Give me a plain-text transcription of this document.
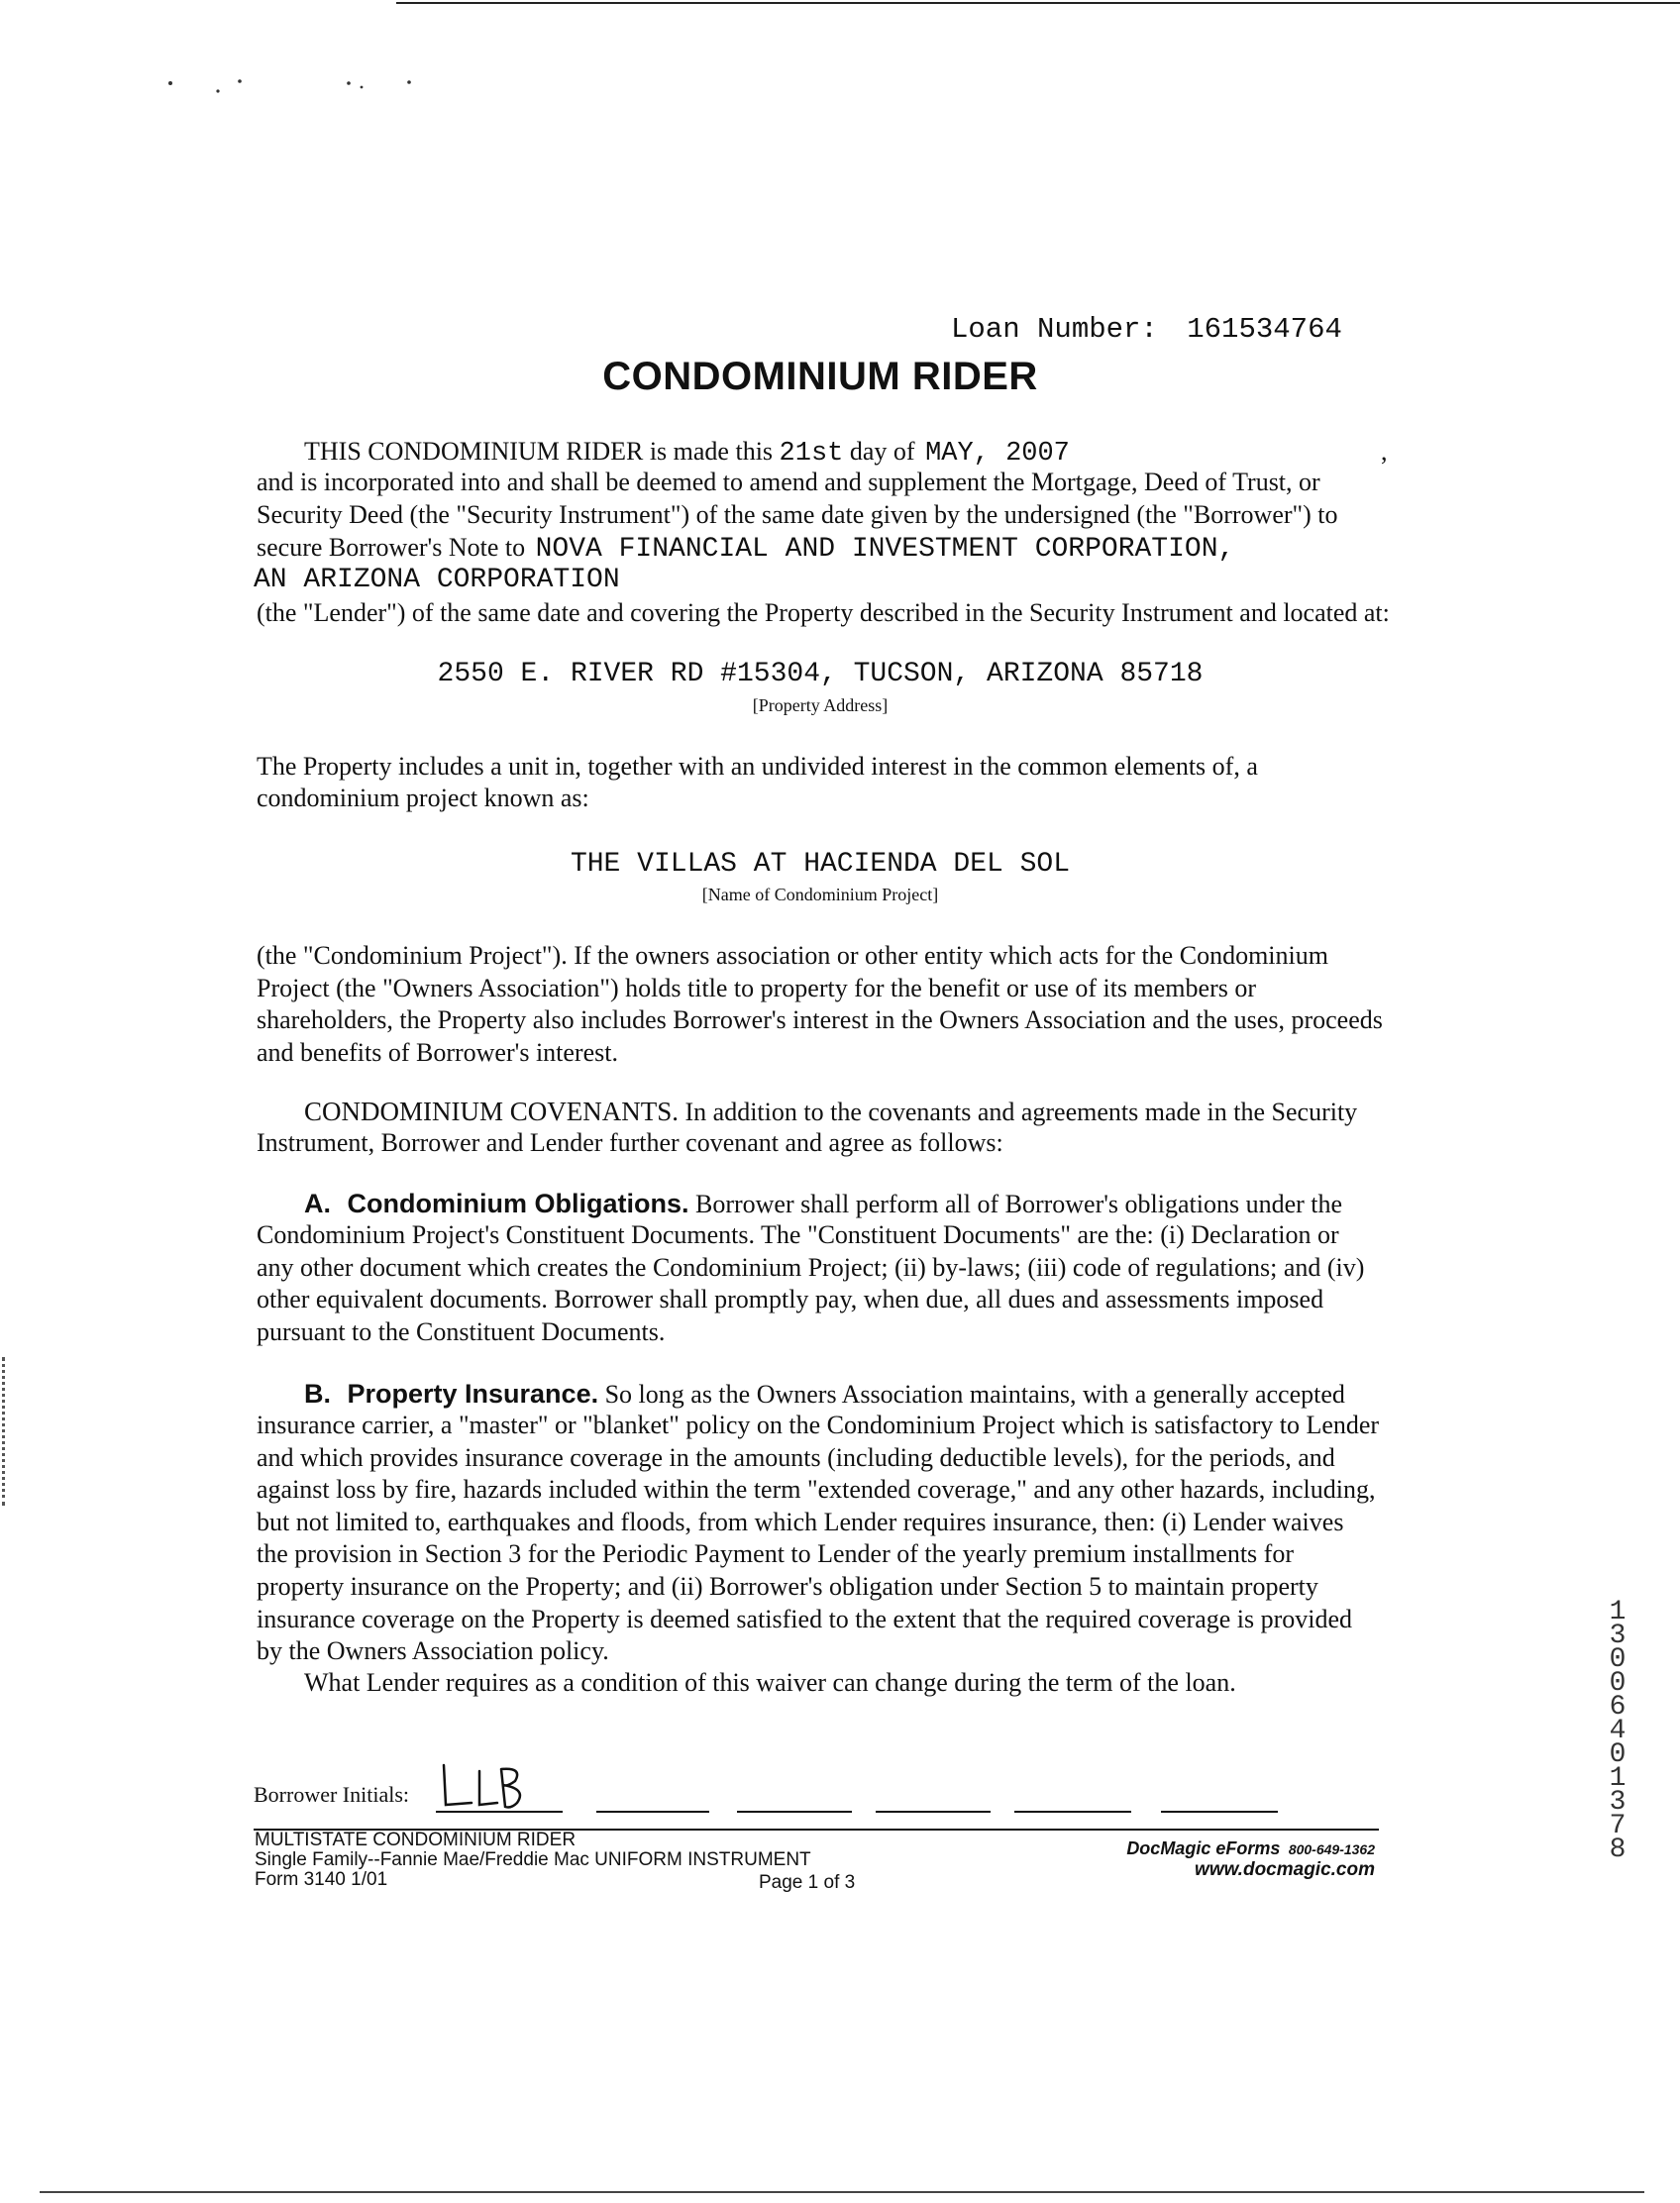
Loan Number: 161534764
CONDOMINIUM RIDER
THIS CONDOMINIUM RIDER is made this 21st day of MAY, 2007	,
and is incorporated into and shall be deemed to amend and supplement the Mortgage, Deed of Trust, or
Security Deed (the "Security Instrument") of the same date given by the undersigned (the "Borrower") to
secure Borrower's Note to NOVA FINANCIAL AND INVESTMENT CORPORATION,
AN ARIZONA CORPORATION
(the "Lender") of the same date and covering the Property described in the Security Instrument and located at:
2550 E. RIVER RD #15304, TUCSON, ARIZONA 85718
[Property Address]
The Property includes a unit in, together with an undivided interest in the common elements of, a
condominium project known as:
THE VILLAS AT HACIENDA DEL SOL
[Name of Condominium Project]
(the "Condominium Project"). If the owners association or other entity which acts for the Condominium
Project (the "Owners Association") holds title to property for the benefit or use of its members or
shareholders, the Property also includes Borrower's interest in the Owners Association and the uses, proceeds
and benefits of Borrower's interest.
CONDOMINIUM COVENANTS. In addition to the covenants and agreements made in the Security
Instrument, Borrower and Lender further covenant and agree as follows:
A. Condominium Obligations. Borrower shall perform all of Borrower's obligations under the
Condominium Project's Constituent Documents. The "Constituent Documents" are the: (i) Declaration or
any other document which creates the Condominium Project; (ii) by-laws; (iii) code of regulations; and (iv)
other equivalent documents. Borrower shall promptly pay, when due, all dues and assessments imposed
pursuant to the Constituent Documents.
B. Property Insurance. So long as the Owners Association maintains, with a generally accepted
insurance carrier, a "master" or "blanket" policy on the Condominium Project which is satisfactory to Lender
and which provides insurance coverage in the amounts (including deductible levels), for the periods, and
against loss by fire, hazards included within the term "extended coverage," and any other hazards, including,
but not limited to, earthquakes and floods, from which Lender requires insurance, then: (i) Lender waives
the provision in Section 3 for the Periodic Payment to Lender of the yearly premium installments for
property insurance on the Property; and (ii) Borrower's obligation under Section 5 to maintain property
insurance coverage on the Property is deemed satisfied to the extent that the required coverage is provided
by the Owners Association policy.
What Lender requires as a condition of this waiver can change during the term of the loan.
Borrower Initials:
MULTISTATE CONDOMINIUM RIDER
Single Family--Fannie Mae/Freddie Mac UNIFORM INSTRUMENT
Form 3140 1/01	Page 1 of 3
DocMagic eForms 800-649-1362
www.docmagic.com
1300640
1378
